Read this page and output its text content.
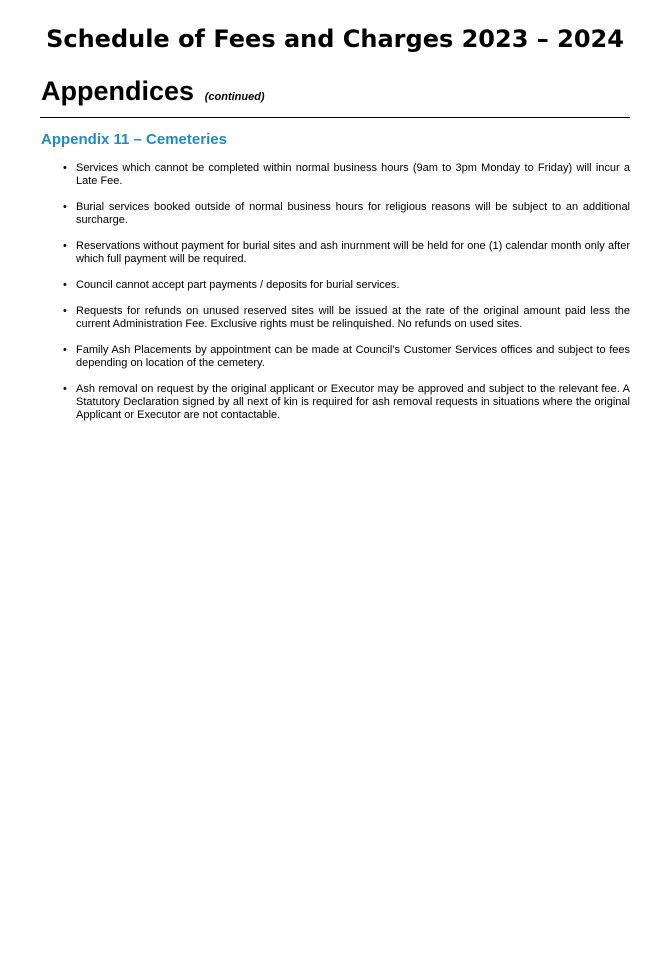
Schedule of Fees and Charges 2023 – 2024
Appendices (continued)
Appendix 11 – Cemeteries
• Services which cannot be completed within normal business hours (9am to 3pm Monday to Friday) will incur a Late Fee.
• Burial services booked outside of normal business hours for religious reasons will be subject to an additional surcharge.
• Reservations without payment for burial sites and ash inurnment will be held for one (1) calendar month only after which full payment will be required.
• Council cannot accept part payments / deposits for burial services.
• Requests for refunds on unused reserved sites will be issued at the rate of the original amount paid less the current Administration Fee. Exclusive rights must be relinquished. No refunds on used sites.
• Family Ash Placements by appointment can be made at Council’s Customer Services offices and subject to fees depending on location of the cemetery.
• Ash removal on request by the original applicant or Executor may be approved and subject to the relevant fee. A Statutory Declaration signed by all next of kin is required for ash removal requests in situations where the original Applicant or Executor are not contactable.
